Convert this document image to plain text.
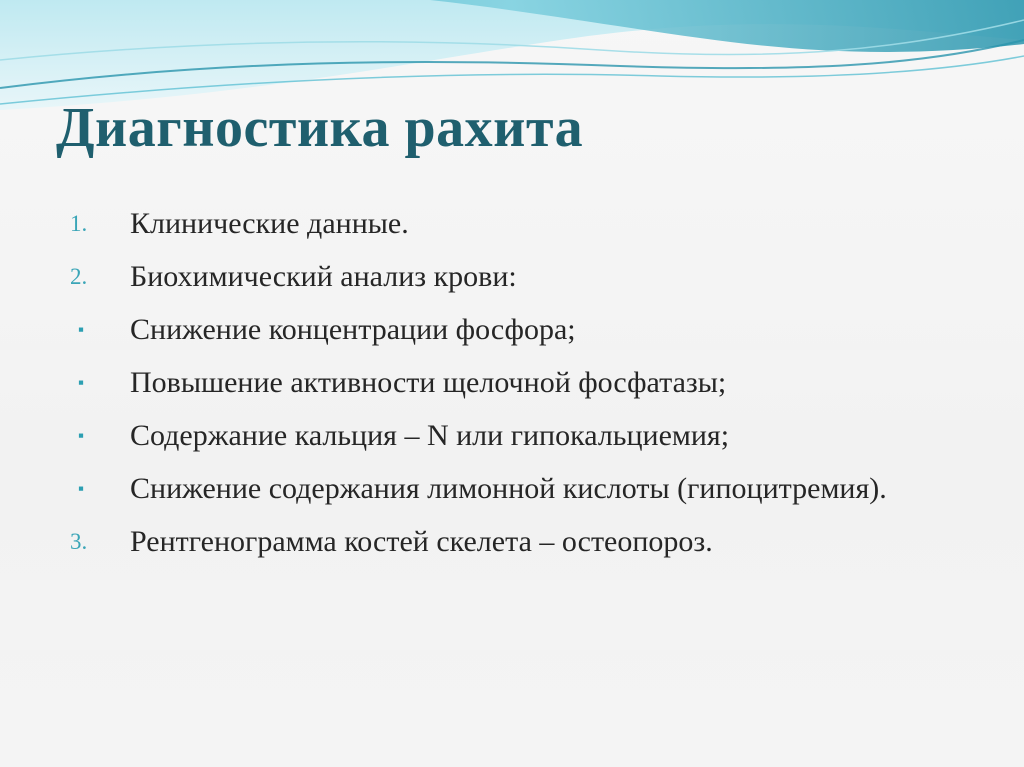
Диагностика рахита
1.	Клинические данные.
2.	Биохимический анализ крови:
▪	Снижение концентрации фосфора;
▪	Повышение активности щелочной фосфатазы;
▪	Содержание кальция – N или гипокальциемия;
▪	Снижение содержания лимонной кислоты (гипоцитремия).
3.	Рентгенограмма костей скелета – остеопороз.
